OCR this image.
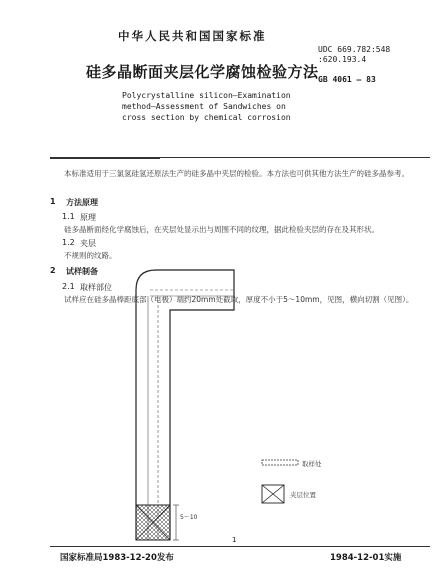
中华人民共和国国家标准
UDC 669.782:548
:620.193.4
硅多晶断面夹层化学腐蚀检验方法 GB 4061 — 83
Polycrystalline silicon—Examination
method—Assessment of Sandwiches on
cross section by chemical corrosion
本标准适用于三氯氢硅氢还原法生产的硅多晶中夹层的检验。本方法也可供其他方法生产的硅多晶参考。
1 方法原理
1.1 原理
硅多晶断面经化学腐蚀后，在夹层处显示出与周围不同的纹理，据此检验夹层的存在及其形状。
1.2 夹层
不规则的纹路。
2 试样制备
2.1 取样部位
试样应在硅多晶棒距底部（电极）端约20mm处截取，厚度不小于5～10mm，见图，横向切割（见图）。
5～10
取样处
夹层位置
1
国家标准局1983-12-20发布	1984-12-01实施
